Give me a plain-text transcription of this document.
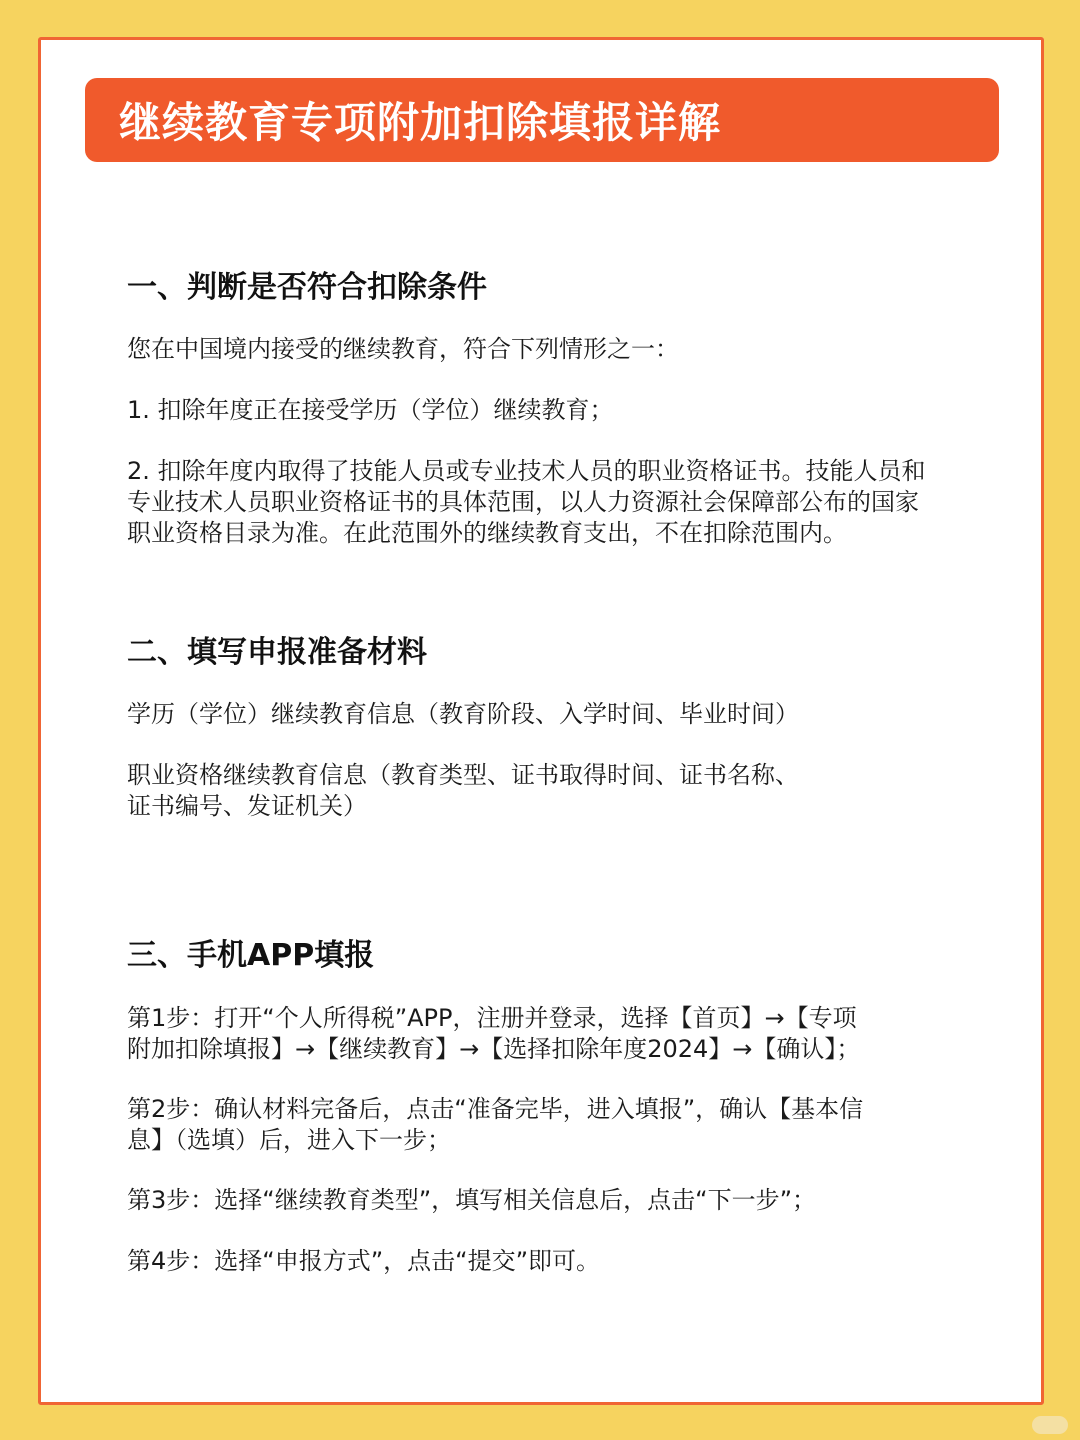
继续教育专项附加扣除填报详解
一、判断是否符合扣除条件

您在中国境内接受的继续教育，符合下列情形之一：

1. 扣除年度正在接受学历（学位）继续教育；

2. 扣除年度内取得了技能人员或专业技术人员的职业资格证书。技能人员和
专业技术人员职业资格证书的具体范围，以人力资源社会保障部公布的国家
职业资格目录为准。在此范围外的继续教育支出，不在扣除范围内。

二、填写申报准备材料

学历（学位）继续教育信息（教育阶段、入学时间、毕业时间）

职业资格继续教育信息（教育类型、证书取得时间、证书名称、
证书编号、发证机关）

三、手机APP填报

第1步：打开“个人所得税”APP，注册并登录，选择【首页】→【专项
附加扣除填报】→【继续教育】→【选择扣除年度2024】→【确认】；

第2步：确认材料完备后，点击“准备完毕，进入填报”，确认【基本信
息】（选填）后，进入下一步；

第3步：选择“继续教育类型”，填写相关信息后，点击“下一步”；

第4步：选择“申报方式”，点击“提交”即可。
